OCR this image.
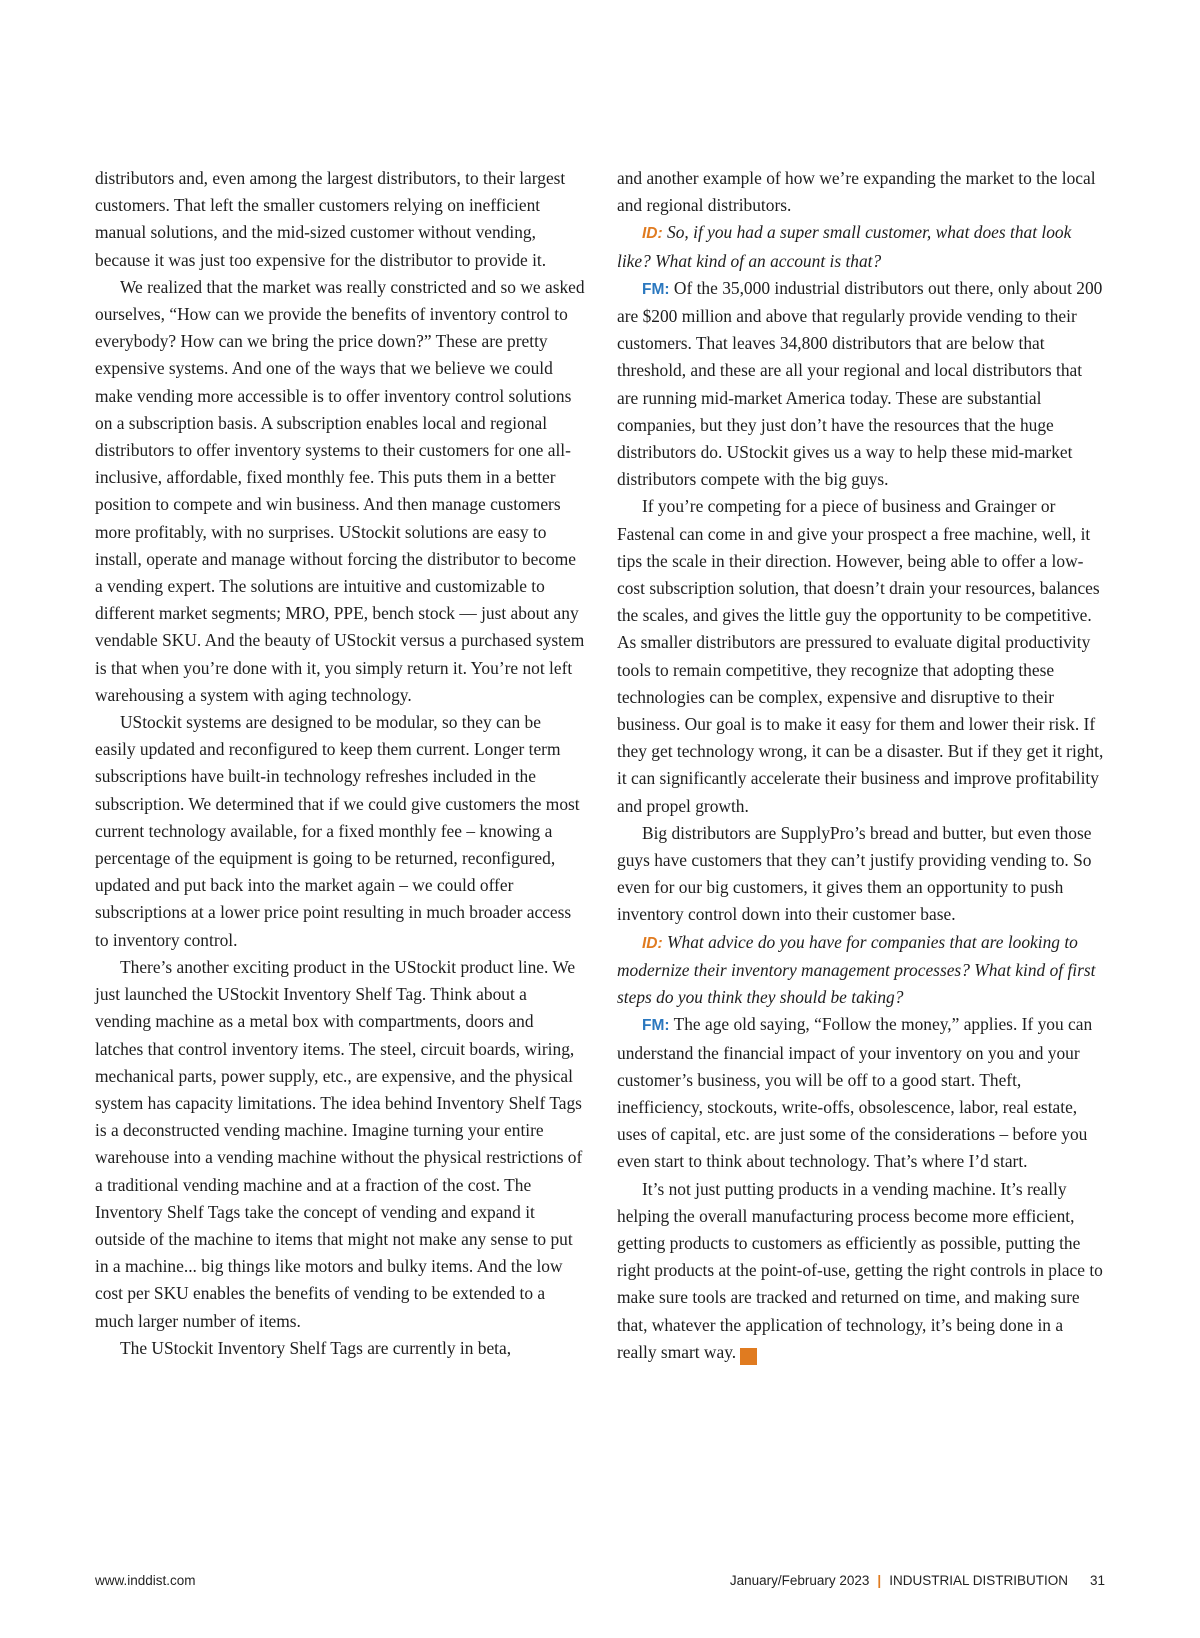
distributors and, even among the largest distributors, to their largest customers. That left the smaller customers relying on inefficient manual solutions, and the mid-sized customer without vending, because it was just too expensive for the distributor to provide it.

We realized that the market was really constricted and so we asked ourselves, “How can we provide the benefits of inventory control to everybody? How can we bring the price down?” These are pretty expensive systems. And one of the ways that we believe we could make vending more accessible is to offer inventory control solutions on a subscription basis. A subscription enables local and regional distributors to offer inventory systems to their customers for one all-inclusive, affordable, fixed monthly fee. This puts them in a better position to compete and win business. And then manage customers more profitably, with no surprises. UStockit solutions are easy to install, operate and manage without forcing the distributor to become a vending expert. The solutions are intuitive and customizable to different market segments; MRO, PPE, bench stock — just about any vendable SKU. And the beauty of UStockit versus a purchased system is that when you’re done with it, you simply return it. You’re not left warehousing a system with aging technology.

UStockit systems are designed to be modular, so they can be easily updated and reconfigured to keep them current. Longer term subscriptions have built-in technology refreshes included in the subscription. We determined that if we could give customers the most current technology available, for a fixed monthly fee – knowing a percentage of the equipment is going to be returned, reconfigured, updated and put back into the market again – we could offer subscriptions at a lower price point resulting in much broader access to inventory control.

There’s another exciting product in the UStockit product line. We just launched the UStockit Inventory Shelf Tag. Think about a vending machine as a metal box with compartments, doors and latches that control inventory items. The steel, circuit boards, wiring, mechanical parts, power supply, etc., are expensive, and the physical system has capacity limitations. The idea behind Inventory Shelf Tags is a deconstructed vending machine. Imagine turning your entire warehouse into a vending machine without the physical restrictions of a traditional vending machine and at a fraction of the cost. The Inventory Shelf Tags take the concept of vending and expand it outside of the machine to items that might not make any sense to put in a machine... big things like motors and bulky items. And the low cost per SKU enables the benefits of vending to be extended to a much larger number of items.

The UStockit Inventory Shelf Tags are currently in beta,

and another example of how we’re expanding the market to the local and regional distributors.

ID: So, if you had a super small customer, what does that look like? What kind of an account is that?

FM: Of the 35,000 industrial distributors out there, only about 200 are $200 million and above that regularly provide vending to their customers. That leaves 34,800 distributors that are below that threshold, and these are all your regional and local distributors that are running mid-market America today. These are substantial companies, but they just don’t have the resources that the huge distributors do. UStockit gives us a way to help these mid-market distributors compete with the big guys.

If you’re competing for a piece of business and Grainger or Fastenal can come in and give your prospect a free machine, well, it tips the scale in their direction. However, being able to offer a low-cost subscription solution, that doesn’t drain your resources, balances the scales, and gives the little guy the opportunity to be competitive. As smaller distributors are pressured to evaluate digital productivity tools to remain competitive, they recognize that adopting these technologies can be complex, expensive and disruptive to their business. Our goal is to make it easy for them and lower their risk. If they get technology wrong, it can be a disaster. But if they get it right, it can significantly accelerate their business and improve profitability and propel growth.

Big distributors are SupplyPro’s bread and butter, but even those guys have customers that they can’t justify providing vending to. So even for our big customers, it gives them an opportunity to push inventory control down into their customer base.

ID: What advice do you have for companies that are looking to modernize their inventory management processes? What kind of first steps do you think they should be taking?

FM: The age old saying, “Follow the money,” applies. If you can understand the financial impact of your inventory on you and your customer’s business, you will be off to a good start. Theft, inefficiency, stockouts, write-offs, obsolescence, labor, real estate, uses of capital, etc. are just some of the considerations – before you even start to think about technology. That’s where I’d start.

It’s not just putting products in a vending machine. It’s really helping the overall manufacturing process become more efficient, getting products to customers as efficiently as possible, putting the right products at the point-of-use, getting the right controls in place to make sure tools are tracked and returned on time, and making sure that, whatever the application of technology, it’s being done in a really smart way. ID

www.inddist.com	January/February 2023 | INDUSTRIAL DISTRIBUTION 31
